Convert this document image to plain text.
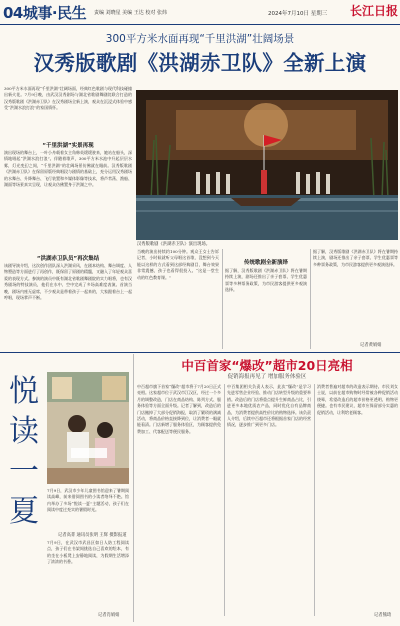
04城事·民生 责编 刘晓星 美编 王达 校对 张炜	2024年7月10日 星期三 长江日报
300平方米水面再现“千里洪湖”壮阔场景
汉秀版歌剧《洪湖赤卫队》全新上演
300平方米水面再现“千里洪湖”壮阔场面，经典红色歌剧与现代科技碰撞出新火花。7月9日晚，由武汉汉秀剧场与湖北省歌剧舞剧院联合打造的汉秀版歌剧《洪湖赤卫队》在汉秀剧场全新上演，观众在沉浸式体验中感受“洪湖水浪打浪”的家国情怀。
“千里洪湖”实景再现
演出现场的舞台上，一叶小舟载着女主角韩英缓缓驶来，她站在船头，深情地唱起“洪湖水浪打浪”。伴随着歌声，300平方米水池中升起层层水雾，灯光变幻之间，“千里洪湖”的壮阔场景仿佛就在眼前。汉秀版歌剧《洪湖赤卫队》在保留原版经典唱段与剧情的基础上，充分运用汉秀剧场的水舞台、升降舞台、飞行装置和多媒体影像等技术，将芦苇荡、渔船、湖面等场景真实呈现，让观众仿佛置身于洪湖之中。
“洪湖赤卫队员”再次集结
该剧导演介绍，这次创作团队深入洪湖采风，在剧本结构、舞台调度、人物塑造等方面进行了再创作，既保留了原剧的精髓，又融入了年轻观众喜爱的表现方式。参演的演员中既有湖北省歌剧舞剧院的实力唱将，也有汉秀剧场的特技演员，他们在水中、空中完成了多场高难度表演。首演当晚，剧场内座无虚席，不少观众是带着孩子一起来的，大家跟着台上一起哼唱，现场掌声不断。
汉秀版歌剧《洪湖赤卫队》演出现场。
当晚的演出持续约100分钟。观众王女士告诉记者，小时候就听父母唱这首歌，没想到今天能以这样的方式看到这部经典剧目，舞台效果非常震撼，孩子也看得很投入。“这是一堂生动的红色教育课。”
传统歌剧全新演绎
据了解，汉秀版歌剧《洪湖赤卫队》将在暑期持续上演，剧场还推出了亲子套票、学生优惠票等多种票务政策，为市民游客提供更多观演选择。
据了解，汉秀版歌剧《洪湖赤卫队》将在暑期持续上演，剧场还推出了亲子套票、学生优惠票等多种票务政策，为市民游客提供更多观演选择。
记者黄娟娟
悦
读
一
夏
7月9日，武汉市少年儿童图书馆迎来了暑期阅读高峰，前来借阅图书的小读者络绎不绝。馆内举办了多场“悦读一夏”主题活动，孩子们在阅读中度过充实的暑假时光。
记者高菁 通讯员张明 王辉 摄影报道
7月9日，在武汉市武昌区如日人防工程阅读点，孩子们在书架间挑选自己喜欢的绘本，有的坐在小板凳上安静地阅读，为假期生活增添了浓浓的书香。
记者肖娟娟
中百首家“爆改”超市20日亮相
促销海报再见了 增加服务体验区
中百超市旗下首家“爆改”超市将于7月20日正式亮相。这家超市位于武汉市江汉区，经过一个多月的调整改造，门店在商品结构、陈列方式、服务体验等方面全面升级。记者了解到，改造后的门店撤掉了大部分促销海报，取消了繁琐的满减活动，将商品价格直接降到位，让消费者一眼就能看清。门店新增了服务体验区，为顾客提供免费加工、代客配送等便民服务。
中百集团相关负责人表示，此次“爆改”是学习先进零售企业经验、推动门店转型升级的重要举措。改造后的门店将重点提升生鲜商品占比，引进更多本地优质农产品，同时优化自有品牌商品，为消费者提供高性价比的购物选择。该负责人介绍，后续中百超市还将根据首家门店的经营情况，逐步推广到更多门店。
消费者普遍对超市的改造表示期待。市民刘女士说，以前在超市购物时经常被各种促销活动绕晕，希望改造后的超市价格更透明、购物更便捷。也有市民建议，超市应保留部分实惠的促销活动，让利给老顾客。
记者熊琦
